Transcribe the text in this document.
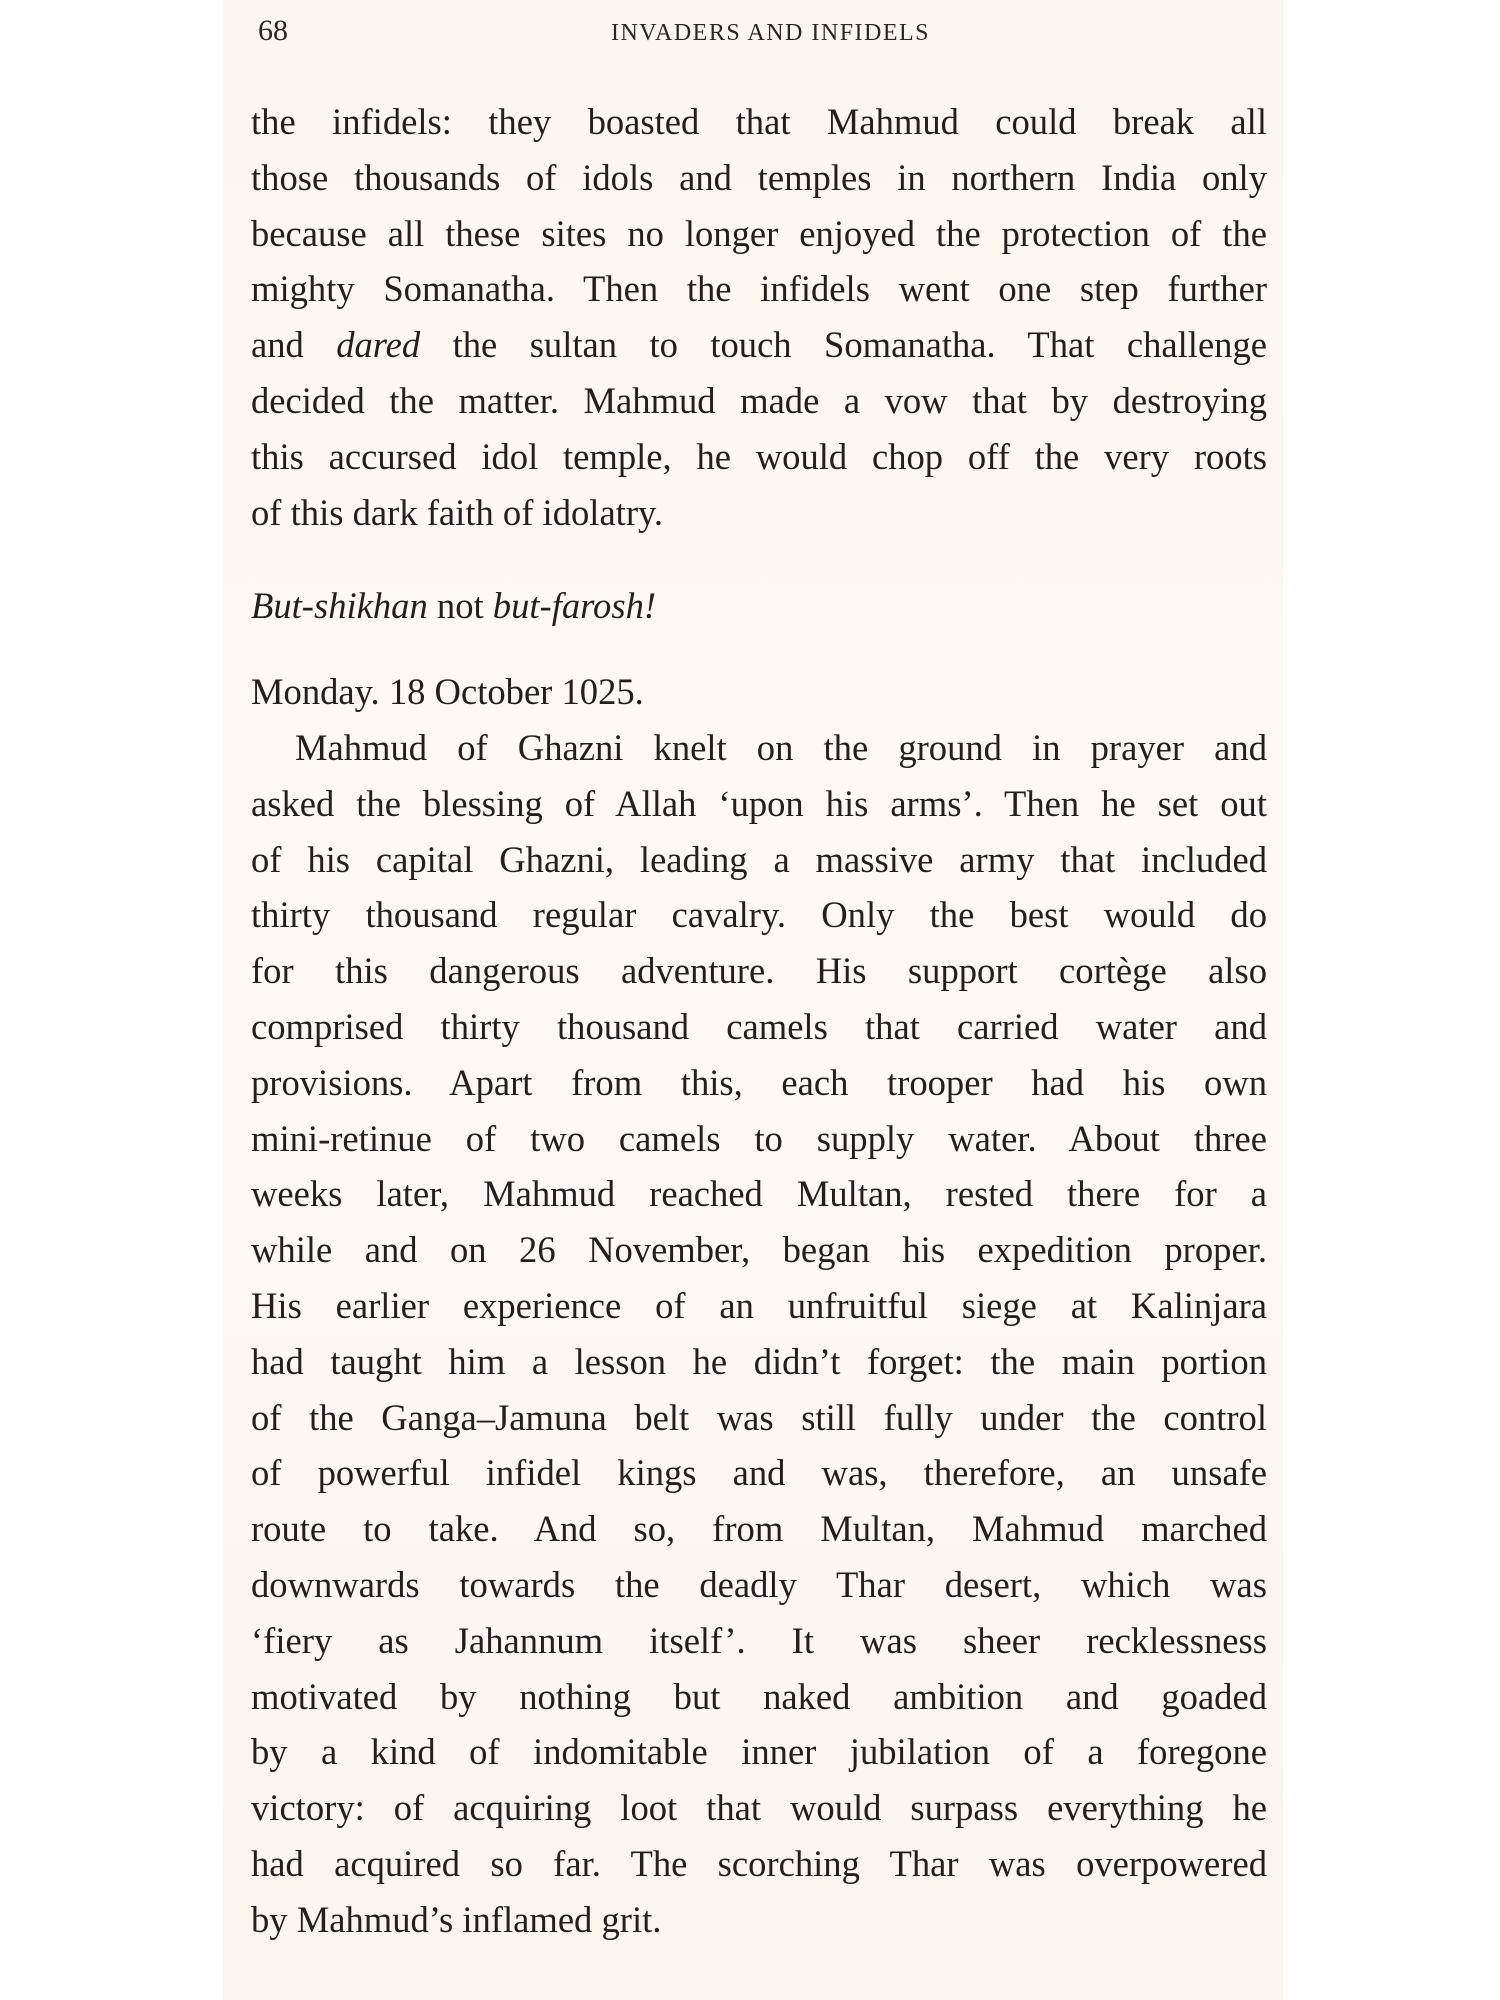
68	INVADERS AND INFIDELS
the infidels: they boasted that Mahmud could break all
those thousands of idols and temples in northern India only
because all these sites no longer enjoyed the protection of the
mighty Somanatha. Then the infidels went one step further
and dared the sultan to touch Somanatha. That challenge
decided the matter. Mahmud made a vow that by destroying
this accursed idol temple, he would chop off the very roots
of this dark faith of idolatry.
But-shikhan not but-farosh!
Monday. 18 October 1025.
Mahmud of Ghazni knelt on the ground in prayer and
asked the blessing of Allah ‘upon his arms’. Then he set out
of his capital Ghazni, leading a massive army that included
thirty thousand regular cavalry. Only the best would do
for this dangerous adventure. His support cortège also
comprised thirty thousand camels that carried water and
provisions. Apart from this, each trooper had his own
mini-retinue of two camels to supply water. About three
weeks later, Mahmud reached Multan, rested there for a
while and on 26 November, began his expedition proper.
His earlier experience of an unfruitful siege at Kalinjara
had taught him a lesson he didn’t forget: the main portion
of the Ganga–Jamuna belt was still fully under the control
of powerful infidel kings and was, therefore, an unsafe
route to take. And so, from Multan, Mahmud marched
downwards towards the deadly Thar desert, which was
‘fiery as Jahannum itself’. It was sheer recklessness
motivated by nothing but naked ambition and goaded
by a kind of indomitable inner jubilation of a foregone
victory: of acquiring loot that would surpass everything he
had acquired so far. The scorching Thar was overpowered
by Mahmud’s inflamed grit.
